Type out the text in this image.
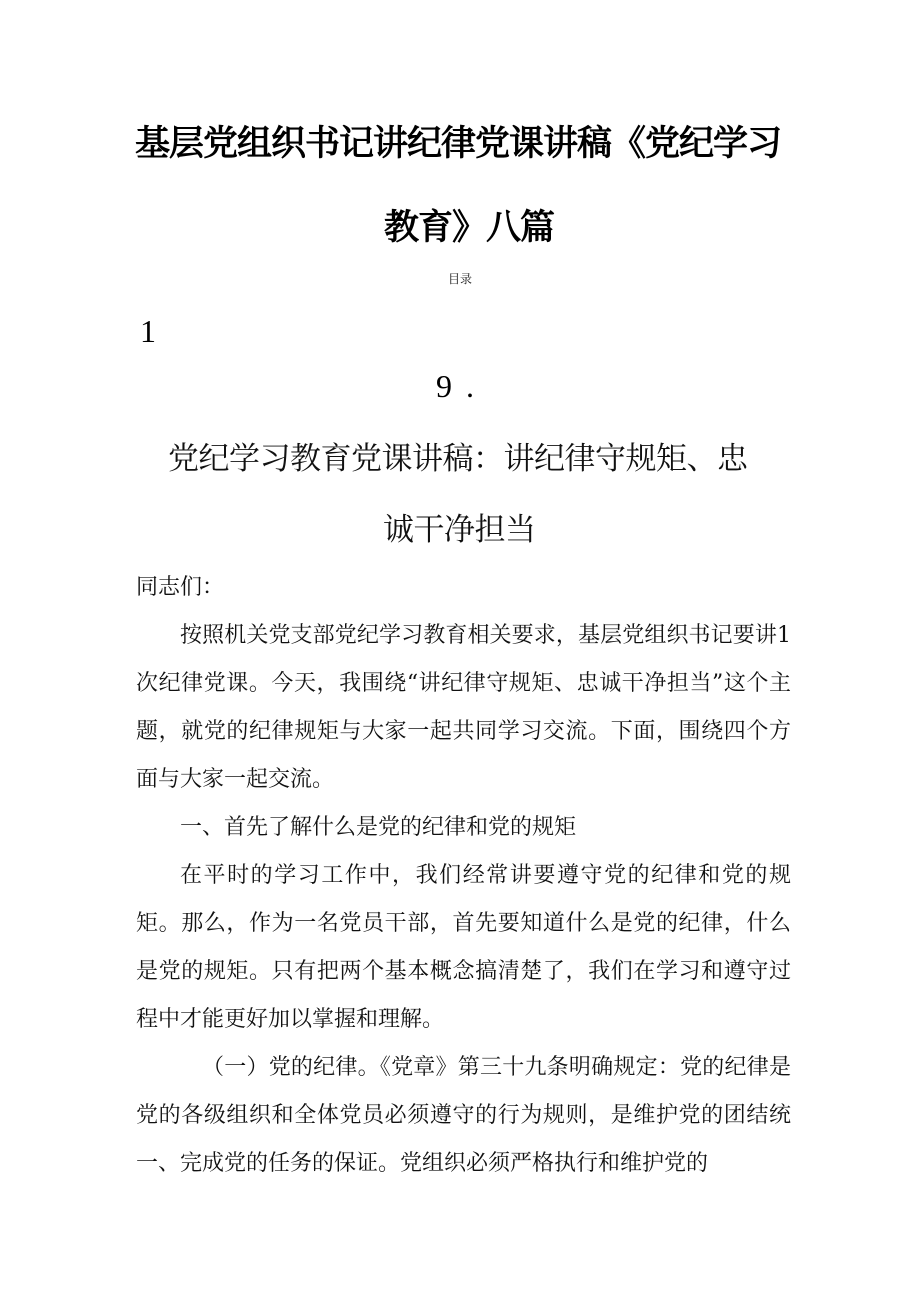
基层党组织书记讲纪律党课讲稿《党纪学习
教育》八篇
目录
1
9.
党纪学习教育党课讲稿：讲纪律守规矩、忠
诚干净担当
同志们：
按照机关党支部党纪学习教育相关要求，基层党组织书记要讲1次纪律党课。今天，我围绕“讲纪律守规矩、忠诚干净担当”这个主题，就党的纪律规矩与大家一起共同学习交流。下面，围绕四个方面与大家一起交流。
一、首先了解什么是党的纪律和党的规矩
在平时的学习工作中，我们经常讲要遵守党的纪律和党的规矩。那么，作为一名党员干部，首先要知道什么是党的纪律，什么是党的规矩。只有把两个基本概念搞清楚了，我们在学习和遵守过程中才能更好加以掌握和理解。
（一）党的纪律。《党章》第三十九条明确规定：党的纪律是党的各级组织和全体党员必须遵守的行为规则，是维护党的团结统一、完成党的任务的保证。党组织必须严格执行和维护党的
